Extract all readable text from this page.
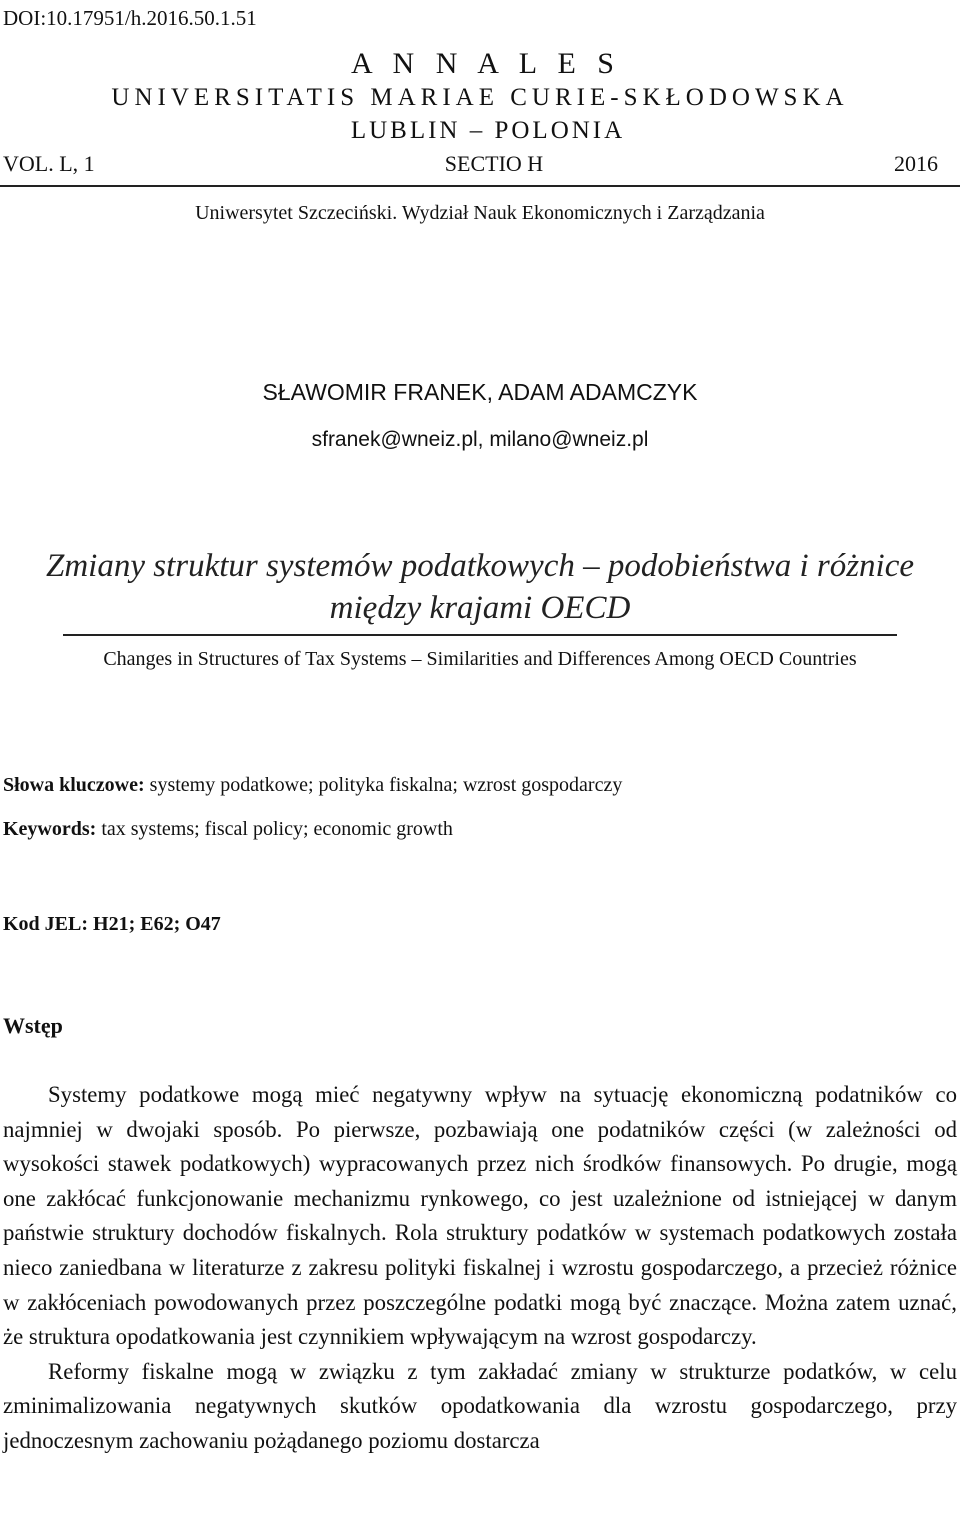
DOI:10.17951/h.2016.50.1.51
A N N A L E S
UNIVERSITATIS MARIAE CURIE-SKŁODOWSKA
LUBLIN – POLONIA
VOL. L, 1	SECTIO H	2016
Uniwersytet Szczeciński. Wydział Nauk Ekonomicznych i Zarządzania
SŁAWOMIR FRANEK, ADAM ADAMCZYK
sfranek@wneiz.pl, milano@wneiz.pl
Zmiany struktur systemów podatkowych – podobieństwa i różnice
między krajami OECD
Changes in Structures of Tax Systems – Similarities and Differences Among OECD Countries
Słowa kluczowe: systemy podatkowe; polityka fiskalna; wzrost gospodarczy
Keywords: tax systems; fiscal policy; economic growth
Kod JEL: H21; E62; O47
Wstęp

Systemy podatkowe mogą mieć negatywny wpływ na sytuację ekonomiczną podatników co najmniej w dwojaki sposób. Po pierwsze, pozbawiają one podatników części (w zależności od wysokości stawek podatkowych) wypracowanych przez nich środków finansowych. Po drugie, mogą one zakłócać funkcjonowanie mechanizmu rynkowego, co jest uzależnione od istniejącej w danym państwie struktury dochodów fiskalnych. Rola struktury podatków w systemach podatkowych została nieco zaniedbana w literaturze z zakresu polityki fiskalnej i wzrostu gospodarczego, a przecież różnice w zakłóceniach powodowanych przez poszczególne podatki mogą być znaczące. Można zatem uznać, że struktura opodatkowania jest czynnikiem wpływającym na wzrost gospodarczy.

Reformy fiskalne mogą w związku z tym zakładać zmiany w strukturze podatków, w celu zminimalizowania negatywnych skutków opodatkowania dla wzrostu gospodarczego, przy jednoczesnym zachowaniu pożądanego poziomu dostarcza
